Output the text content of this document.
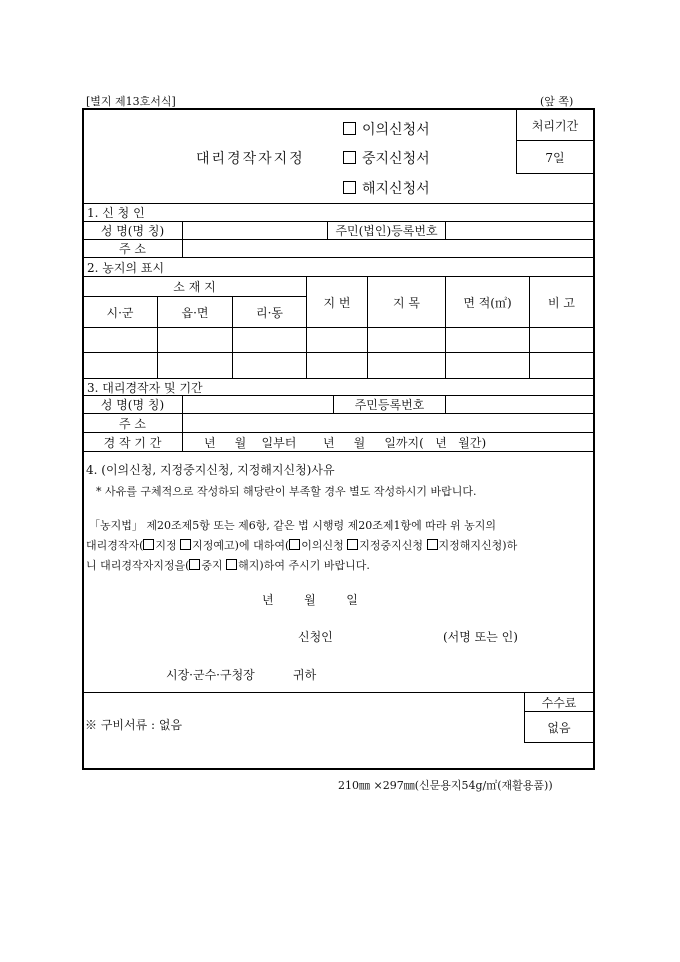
[별지 제13호서식]	(앞 쪽)
대리경작자지정
이의신청서
중지신청서
해지신청서
처리기간
7일
1. 신 청 인
성 명(명 칭)	주민(법인)등록번호
주 소
2. 농지의 표시
소 재 지
시·군	읍·면	리·동
지 번	지 목	면 적(㎡)	비 고
3. 대리경작자 및 기간
성 명(명 칭)	주민등록번호
주 소
경 작 기 간	년     월    일부터       년     월     일까지(   년   월간)
4. (이의신청, 지정중지신청, 지정해지신청)사유
* 사유를 구체적으로 작성하되 해당란이 부족할 경우 별도 작성하시기 바랍니다.
「농지법」 제20조제5항 또는 제6항, 같은 법 시행령 제20조제1항에 따라 위 농지의
대리경작자( 지정 지정예고)에 대하여( 이의신청 지정중지신청 지정해지신청)하
니 대리경작자지정을( 중지 해지)하여 주시기 바랍니다.
년        월        일
신청인	(서명 또는 인)
시장·군수·구청장	귀하
수수료
없음
※ 구비서류 : 없음
210㎜ ×297㎜(신문용지54g/㎡(재활용품))
